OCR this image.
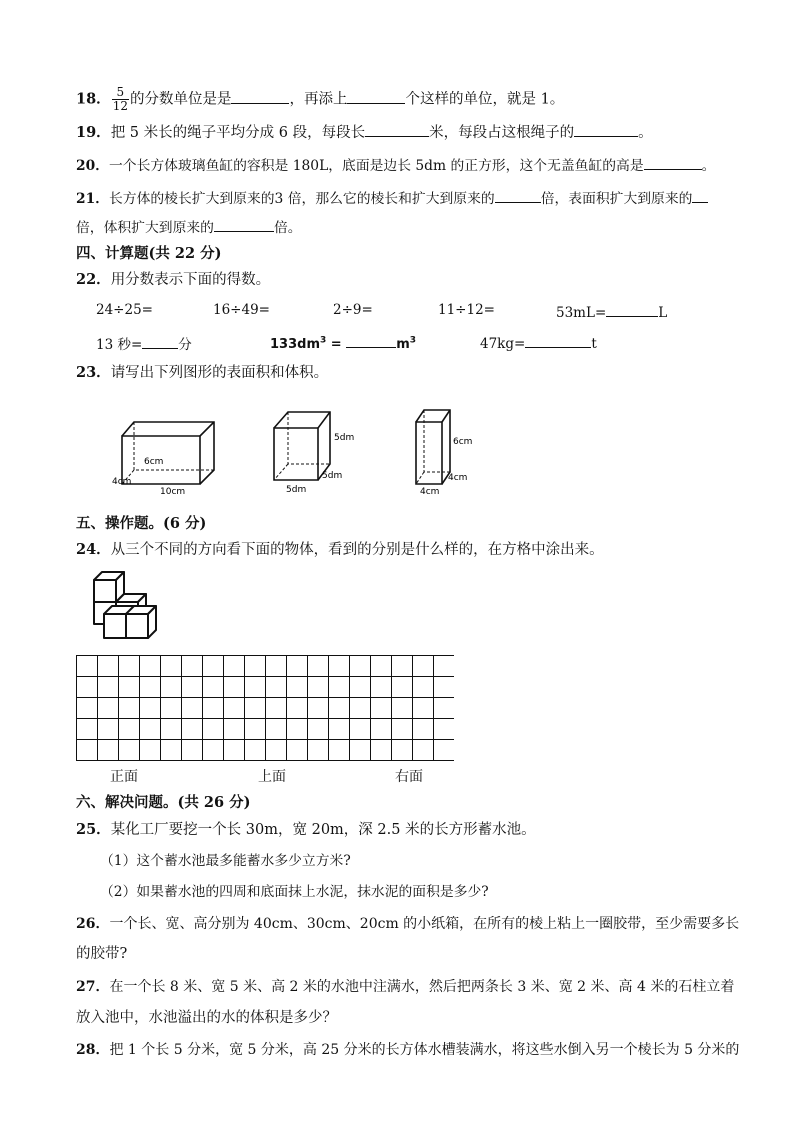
18． $\frac{5}{12}$ 的分数单位是是	，再添上	个这样的单位，就是 1。
19．把 5 米长的绳子平均分成 6 段，每段长	米，每段占这根绳子的	。
20．一个长方体玻璃鱼缸的容积是 180L，底面是边长 5dm 的正方形，这个无盖鱼缸的高是	。
21．长方体的棱长扩大到原来的3 倍，那么它的棱长和扩大到原来的	倍，表面积扩大到原来的
倍，体积扩大到原来的	倍。
四、计算题(共 22 分)
22．用分数表示下面的得数。
24÷25=	16÷49=	2÷9=	11÷12=	53mL=	L
13 秒=	分	$133dm^3$ =	$m^3$	47kg=	t
23．请写出下列图形的表面积和体积。
6cm
4cm
10cm
5dm
5dm
5dm
6cm
4cm
4cm
五、操作题。(6 分)
24．从三个不同的方向看下面的物体，看到的分别是什么样的，在方格中涂出来。
正面	上面	右面
六、解决问题。(共 26 分)
25．某化工厂要挖一个长 30m，宽 20m，深 2.5 米的长方形蓄水池。
（1）这个蓄水池最多能蓄水多少立方米?
（2）如果蓄水池的四周和底面抹上水泥，抹水泥的面积是多少?
26．一个长、宽、高分别为 40cm、30cm、20cm 的小纸箱，在所有的棱上粘上一圈胶带，至少需要多长
的胶带?
27．在一个长 8 米、宽 5 米、高 2 米的水池中注满水，然后把两条长 3 米、宽 2 米、高 4 米的石柱立着
放入池中，水池溢出的水的体积是多少？
28．把 1 个长 5 分米，宽 5 分米，高 25 分米的长方体水槽装满水，将这些水倒入另一个棱长为 5 分米的
